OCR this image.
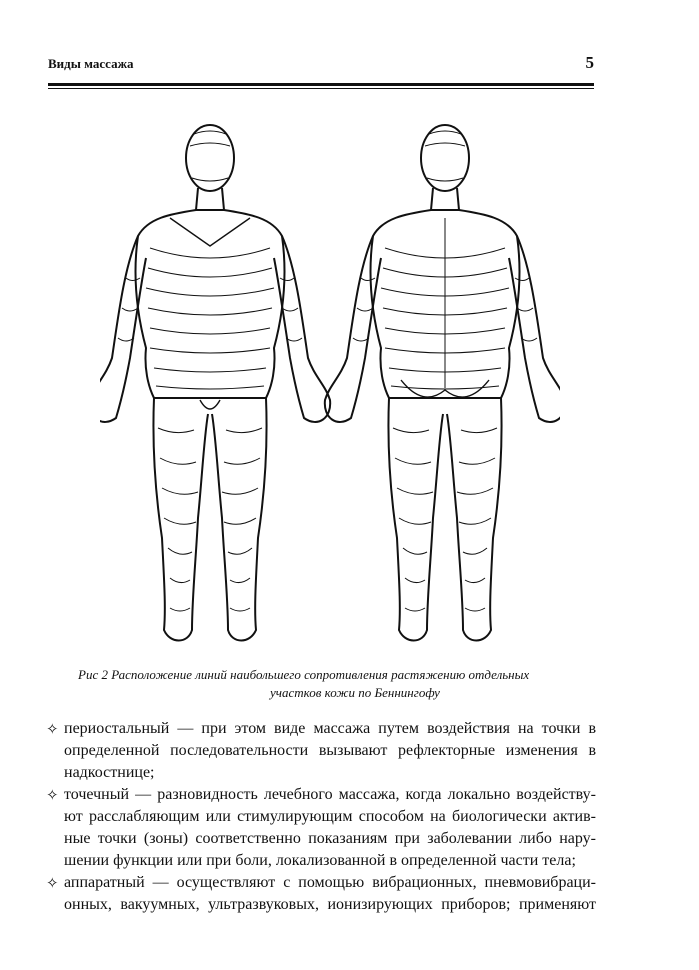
Виды массажа	5
Рис 2 Расположение линий наибольшего сопротивления растяжению отдельных
участков кожи по Беннингофу
✧ периостальный — при этом виде массажа путем воздействия на точки в
определенной последовательности вызывают рефлекторные изменения в
надкостнице;
✧ точечный — разновидность лечебного массажа, когда локально воздейству-
ют расслабляющим или стимулирующим способом на биологически актив-
ные точки (зоны) соответственно показаниям при заболевании либо нару-
шении функции или при боли, локализованной в определенной части тела;
✧ аппаратный — осуществляют с помощью вибрационных, пневмовибраци-
онных, вакуумных, ультразвуковых, ионизирующих приборов; применяют
